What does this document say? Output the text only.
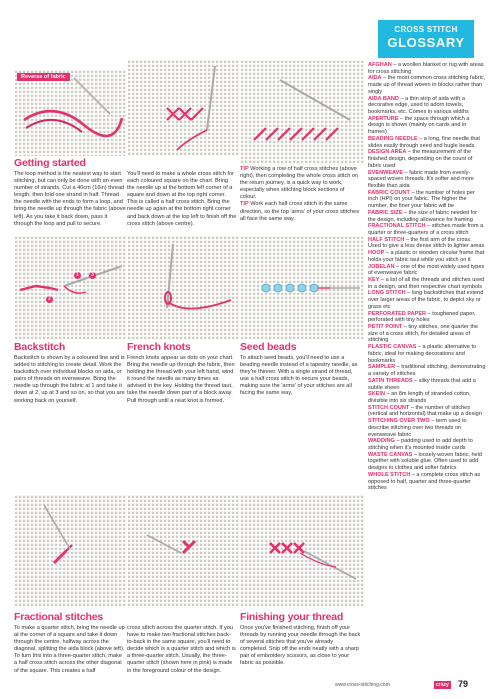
Reverse of fabric
Getting started
The loop method is the neatest way to start stitching, but can only be done with an even number of strands. Cut a 40cm (16in) thread length, then fold one strand in half. Thread the needle with the ends to form a loop, and bring the needle up through the fabric (above left). As you take it back down, pass it through the loop and pull to secure.
You'll need to make a whole cross stitch for each coloured square on the chart. Bring the needle up at the bottom left corner of a square and down at the top right corner. This is called a half cross stitch. Bring the needle up again at the bottom right corner and back down at the top left to finish off the cross stitch (above centre).
TIP Working a row of half cross stitches (above right), then completing the whole cross stitch on the return journey, is a quick way to work, especially when stitching block sections of colour.
TIP Work each half cross stitch in the same direction, so the top 'arms' of your cross stitches all face the same way.
1
2
3
Backstitch
Backstitch is shown by a coloured line and is added to stitching to create detail. Work the backstitch over individual blocks on aida, or pairs of threads on evenweave. Bring the needle up through the fabric at 1 and take it down at 2, up at 3 and so on, so that you are working back on yourself.
French knots
French knots appear as dots on your chart. Bring the needle up through the fabric, then holding the thread with your left hand, wind it round the needle as many times as advised in the key. Holding the thread taut, take the needle down part of a block away. Pull through until a neat knot is formed.
Seed beads
To attach seed beads, you'll need to use a beading needle instead of a tapestry needle, as they're thinner. With a single strand of thread, use a half cross stitch to secure your beads, making sure the 'arms' of your stitches are all facing the same way.
Fractional stitches
To make a quarter stitch, bring the needle up at the corner of a square and take it down through the centre, halfway across the diagonal, splitting the aida block (above left). To turn this into a three-quarter stitch, make a half cross stitch across the other diagonal of the square. This creates a half
cross stitch across the quarter stitch. If you have to make two fractional stitches back-to-back in the same square, you'll need to decide which is a quarter stitch and which is a three-quarter stitch. Usually, the three-quarter stitch (shown here in pink) is made in the foreground colour of the design.
Finishing your thread
Once you've finished stitching, finish off your threads by running your needle through the back of several stitches that you've already completed. Snip off the ends neatly with a sharp pair of embroidery scissors, as close to your fabric as possible.
CROSS STITCH
GLOSSARY

AFGHAN – a woollen blanket or rug with areas for cross stitching

AIDA – the most common cross stitching fabric, made up of thread woven in blocks rather than singly

AIDA BAND – a thin strip of aida with a decorative edge, used to adorn towels, bookmarks, etc. Comes in various widths

APERTURE – the space through which a design is shown (mainly on cards and in frames)

BEADING NEEDLE – a long, fine needle that slides easily through seed and bugle beads

DESIGN AREA – the measurement of the finished design, depending on the count of fabric used

EVENWEAVE – fabric made from evenly-spaced woven threads. It's softer and more flexible than aida

FABRIC COUNT – the number of holes per inch (HPI) on your fabric. The higher the number, the finer your fabric will be

FABRIC SIZE – the size of fabric needed for the design, including allowance for framing

FRACTIONAL STITCH – stitches made from a quarter or three-quarters of a cross stitch

HALF STITCH – the first arm of the cross. Used to give a less dense stitch to lighter areas

HOOP – a plastic or wooden circular frame that holds your fabric taut while you stitch on it

JOBELAN – one of the most widely used types of evenweave fabric

KEY – a list of all the threads and stitches used in a design, and their respective chart symbols

LONG STITCH – long backstitches that extend over larger areas of the fabric, to depict sky or grass etc

PERFORATED PAPER – toughened paper, perforated with tiny holes

PETIT POINT – tiny stitches, one quarter the size of a cross stitch, for detailed areas of stitching

PLASTIC CANVAS – a plastic alternative to fabric, ideal for making decorations and bookmarks

SAMPLER – traditional stitching, demonstrating a variety of stitches

SATIN THREADS – silky threads that add a subtle sheen

SKEIN – an 8m length of stranded cotton, divisible into six strands

STITCH COUNT – the number of stitches (vertical and horizontal) that make up a design

STITCHING OVER TWO – term used to describe stitching over two threads on evenweave fabric

WADDING – padding used to add depth to stitching when it's mounted inside cards

WASTE CANVAS – loosely woven fabric, held together with soluble glue. Often used to add designs to clothes and softer fabrics

WHOLE STITCH – a complete cross stitch as opposed to half, quarter and three-quarter stitches

www.cross-stitching.com	crazy 79
